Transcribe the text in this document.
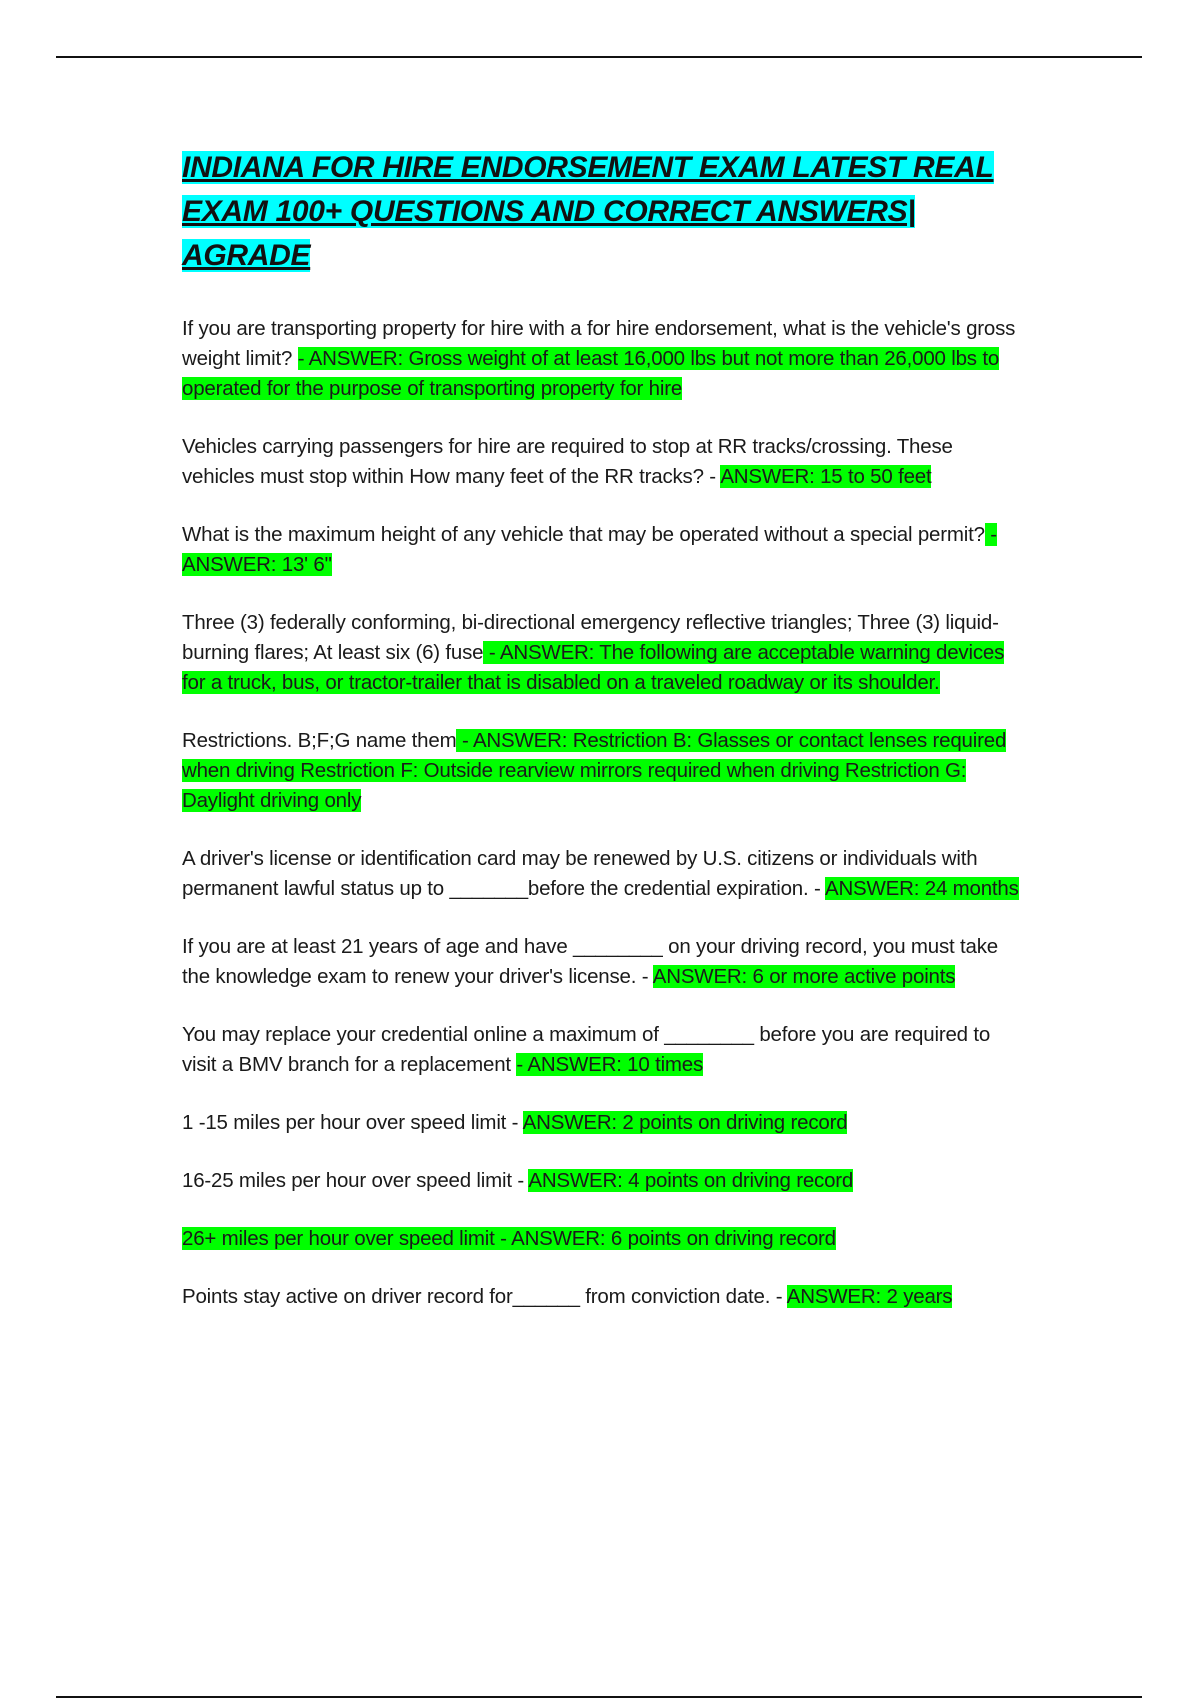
INDIANA FOR HIRE ENDORSEMENT EXAM LATEST REAL EXAM 100+ QUESTIONS AND CORRECT ANSWERS| AGRADE

If you are transporting property for hire with a for hire endorsement, what is the vehicle's gross weight limit? - ANSWER: Gross weight of at least 16,000 lbs but not more than 26,000 lbs to operated for the purpose of transporting property for hire

Vehicles carrying passengers for hire are required to stop at RR tracks/crossing. These vehicles must stop within How many feet of the RR tracks? - ANSWER: 15 to 50 feet

What is the maximum height of any vehicle that may be operated without a special permit? - ANSWER: 13' 6"

Three (3) federally conforming, bi-directional emergency reflective triangles; Three (3) liquid-burning flares; At least six (6) fuse - ANSWER: The following are acceptable warning devices for a truck, bus, or tractor-trailer that is disabled on a traveled roadway or its shoulder.

Restrictions. B;F;G name them - ANSWER: Restriction B: Glasses or contact lenses required when driving Restriction F: Outside rearview mirrors required when driving Restriction G: Daylight driving only

A driver's license or identification card may be renewed by U.S. citizens or individuals with permanent lawful status up to _______before the credential expiration. - ANSWER: 24 months

If you are at least 21 years of age and have ________ on your driving record, you must take the knowledge exam to renew your driver's license. - ANSWER: 6 or more active points

You may replace your credential online a maximum of ________ before you are required to visit a BMV branch for a replacement - ANSWER: 10 times

1 -15 miles per hour over speed limit - ANSWER: 2 points on driving record

16-25 miles per hour over speed limit - ANSWER: 4 points on driving record

26+ miles per hour over speed limit - ANSWER: 6 points on driving record

Points stay active on driver record for______ from conviction date. - ANSWER: 2 years
